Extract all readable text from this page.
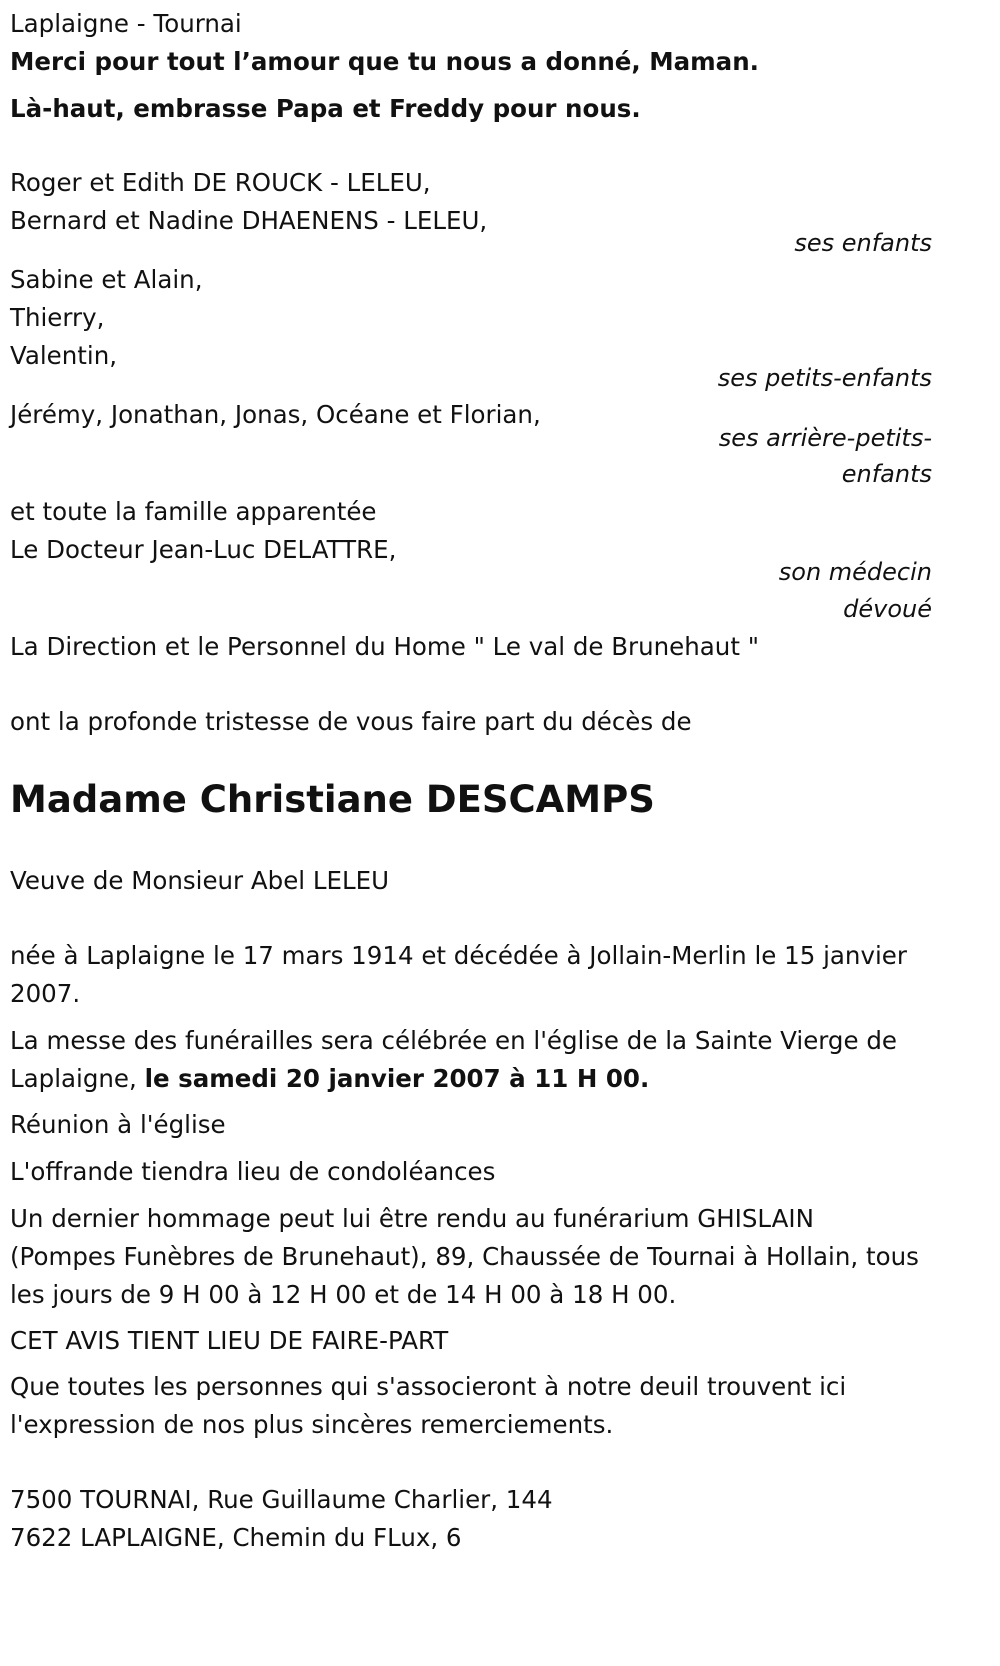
Laplaigne - Tournai
Merci pour tout l’amour que tu nous a donné, Maman.
Là-haut, embrasse Papa et Freddy pour nous.
Roger et Edith DE ROUCK - LELEU,
Bernard et Nadine DHAENENS - LELEU,
ses enfants
Sabine et Alain,
Thierry,
Valentin,
ses petits-enfants
Jérémy, Jonathan, Jonas, Océane et Florian,
ses arrière-petits-
enfants
et toute la famille apparentée
Le Docteur Jean-Luc DELATTRE,
son médecin
dévoué
La Direction et le Personnel du Home " Le val de Brunehaut "
ont la profonde tristesse de vous faire part du décès de
Madame Christiane DESCAMPS
Veuve de Monsieur Abel LELEU
née à Laplaigne le 17 mars 1914 et décédée à Jollain-Merlin le 15 janvier 2007.
La messe des funérailles sera célébrée en l'église de la Sainte Vierge de Laplaigne, le samedi 20 janvier 2007 à 11 H 00.
Réunion à l'église
L'offrande tiendra lieu de condoléances
Un dernier hommage peut lui être rendu au funérarium GHISLAIN (Pompes Funèbres de Brunehaut), 89, Chaussée de Tournai à Hollain, tous les jours de 9 H 00 à 12 H 00 et de 14 H 00 à 18 H 00.
CET AVIS TIENT LIEU DE FAIRE-PART
Que toutes les personnes qui s'associeront à notre deuil trouvent ici l'expression de nos plus sincères remerciements.
7500 TOURNAI, Rue Guillaume Charlier, 144
7622 LAPLAIGNE, Chemin du FLux, 6
